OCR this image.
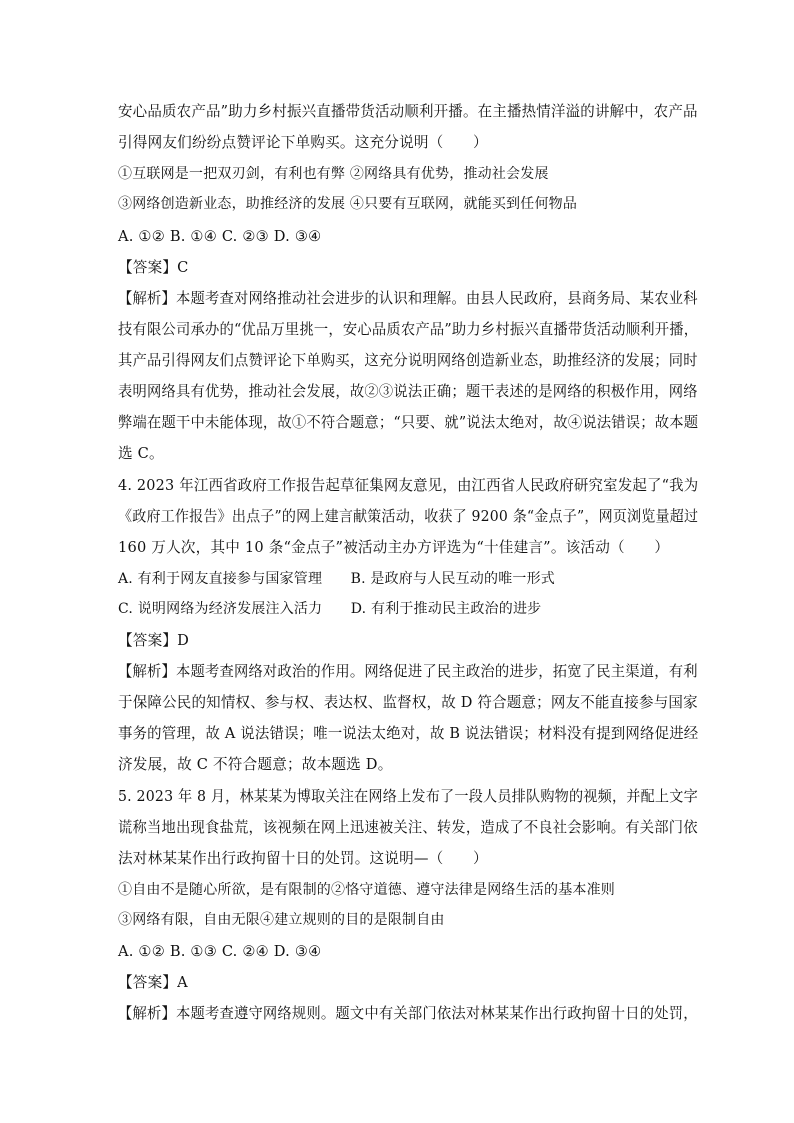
安心品质农产品”助力乡村振兴直播带货活动顺利开播。在主播热情洋溢的讲解中，农产品
引得网友们纷纷点赞评论下单购买。这充分说明（　　）
①互联网是一把双刃剑，有利也有弊 ②网络具有优势，推动社会发展
③网络创造新业态，助推经济的发展 ④只要有互联网，就能买到任何物品
A. ①② B. ①④ C. ②③ D. ③④
【答案】C
【解析】本题考查对网络推动社会进步的认识和理解。由县人民政府，县商务局、某农业科
技有限公司承办的“优品万里挑一，安心品质农产品”助力乡村振兴直播带货活动顺利开播，
其产品引得网友们点赞评论下单购买，这充分说明网络创造新业态，助推经济的发展；同时
表明网络具有优势，推动社会发展，故②③说法正确；题干表述的是网络的积极作用，网络
弊端在题干中未能体现，故①不符合题意；“只要、就”说法太绝对，故④说法错误；故本题
选 C。
4. 2023 年江西省政府工作报告起草征集网友意见，由江西省人民政府研究室发起了“我为
《政府工作报告》出点子”的网上建言献策活动，收获了 9200 条“金点子”，网页浏览量超过
160 万人次，其中 10 条“金点子”被活动主办方评选为“十佳建言”。该活动（　　）
A. 有利于网友直接参与国家管理　　B. 是政府与人民互动的唯一形式
C. 说明网络为经济发展注入活力　　D. 有利于推动民主政治的进步
【答案】D
【解析】本题考查网络对政治的作用。网络促进了民主政治的进步，拓宽了民主渠道，有利
于保障公民的知情权、参与权、表达权、监督权，故 D 符合题意；网友不能直接参与国家
事务的管理，故 A 说法错误；唯一说法太绝对，故 B 说法错误；材料没有提到网络促进经
济发展，故 C 不符合题意；故本题选 D。
5. 2023 年 8 月，林某某为博取关注在网络上发布了一段人员排队购物的视频，并配上文字
谎称当地出现食盐荒，该视频在网上迅速被关注、转发，造成了不良社会影响。有关部门依
法对林某某作出行政拘留十日的处罚。这说明—（　　）
①自由不是随心所欲，是有限制的②恪守道德、遵守法律是网络生活的基本准则
③网络有限，自由无限④建立规则的目的是限制自由
A. ①② B. ①③ C. ②④ D. ③④
【答案】A
【解析】本题考查遵守网络规则。题文中有关部门依法对林某某作出行政拘留十日的处罚，
